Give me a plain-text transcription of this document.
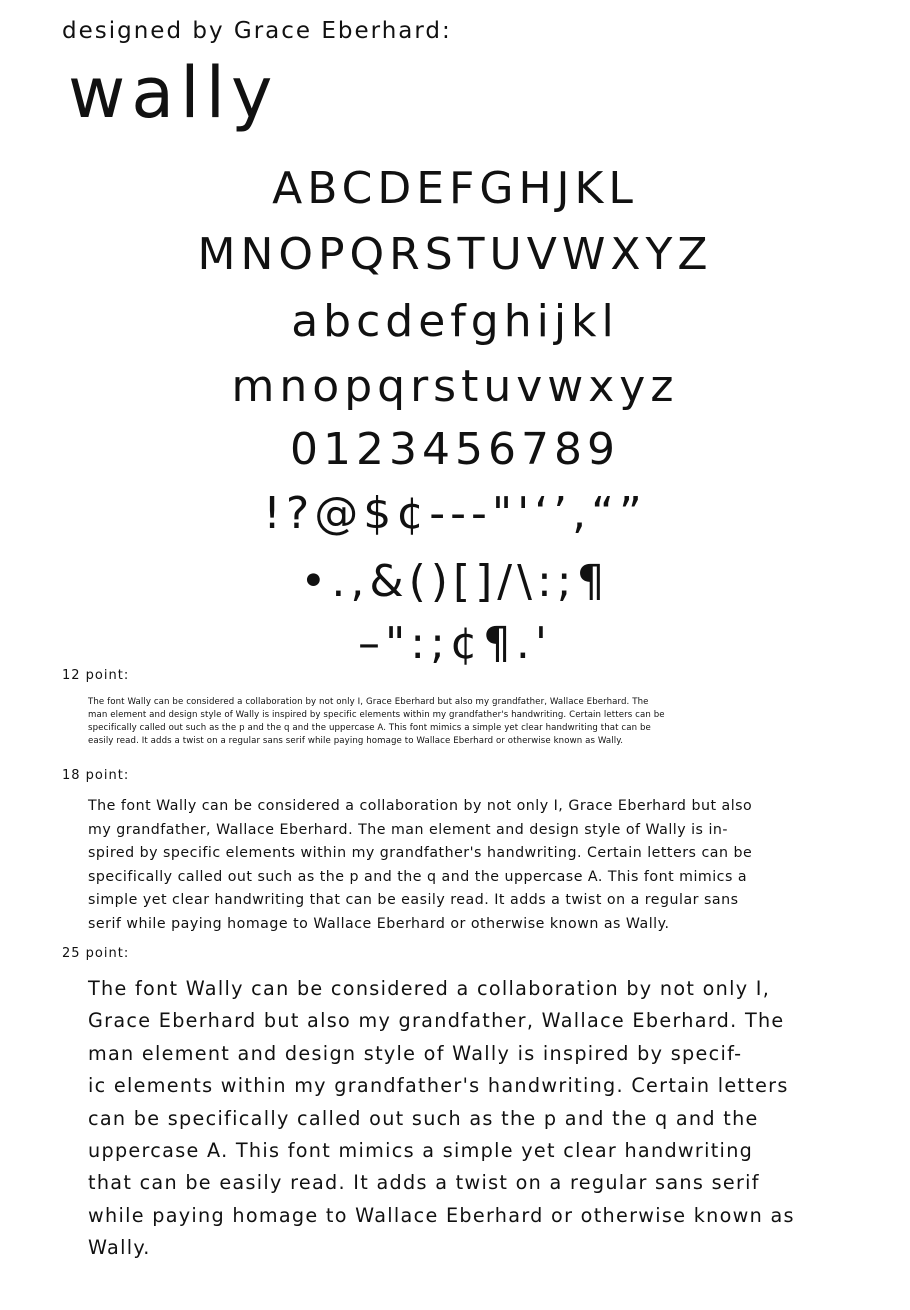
designed by Grace Eberhard:
wally
ABCDEFGHJKL
MNOPQRSTUVWXYZ
abcdefghijkl
mnopqrstuvwxyz
0123456789
!?@$¢---"'‘’,“”
•.,&()[]/\:;¶
–":;¢¶.'
12 point:

The font Wally can be considered a collaboration by not only I, Grace Eberhard but also my grandfather, Wallace Eberhard. The
man element and design style of Wally is inspired by specific elements within my grandfather's handwriting. Certain letters can be
specifically called out such as the p and the q and the uppercase A. This font mimics a simple yet clear handwriting that can be
easily read. It adds a twist on a regular sans serif while paying homage to Wallace Eberhard or otherwise known as Wally.

18 point:

The font Wally can be considered a collaboration by not only I, Grace Eberhard but also
my grandfather, Wallace Eberhard. The man element and design style of Wally is in-
spired by specific elements within my grandfather's handwriting. Certain letters can be
specifically called out such as the p and the q and the uppercase A. This font mimics a
simple yet clear handwriting that can be easily read. It adds a twist on a regular sans
serif while paying homage to Wallace Eberhard or otherwise known as Wally.

25 point:

The font Wally can be considered a collaboration by not only I,
Grace Eberhard but also my grandfather, Wallace Eberhard. The
man element and design style of Wally is inspired by specif-
ic elements within my grandfather's handwriting. Certain letters
can be specifically called out such as the p and the q and the
uppercase A. This font mimics a simple yet clear handwriting
that can be easily read. It adds a twist on a regular sans serif
while paying homage to Wallace Eberhard or otherwise known as
Wally.
